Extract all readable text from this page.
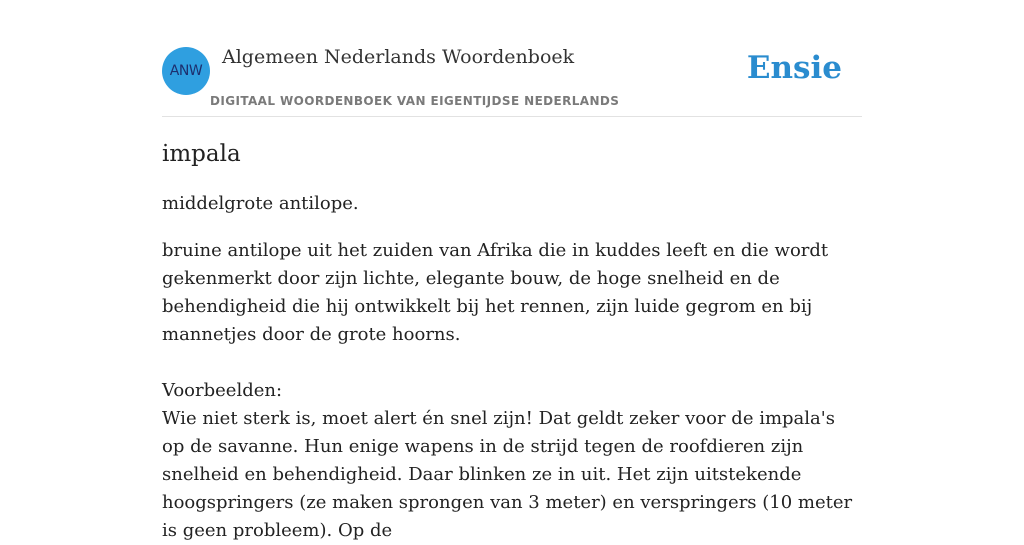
ANW
Algemeen Nederlands Woordenboek
DIGITAAL WOORDENBOEK VAN EIGENTIJDSE NEDERLANDS
Ensie
impala

middelgrote antilope.

bruine antilope uit het zuiden van Afrika die in kuddes leeft en die wordt gekenmerkt door zijn lichte, elegante bouw, de hoge snelheid en de behendigheid die hij ontwikkelt bij het rennen, zijn luide gegrom en bij mannetjes door de grote hoorns.

Voorbeelden:

Wie niet sterk is, moet alert én snel zijn! Dat geldt zeker voor de impala's op de savanne. Hun enige wapens in de strijd tegen de roofdieren zijn snelheid en behendigheid. Daar blinken ze in uit. Het zijn uitstekende hoogspringers (ze maken sprongen van 3 meter) en verspringers (10 meter is geen probleem). Op de
